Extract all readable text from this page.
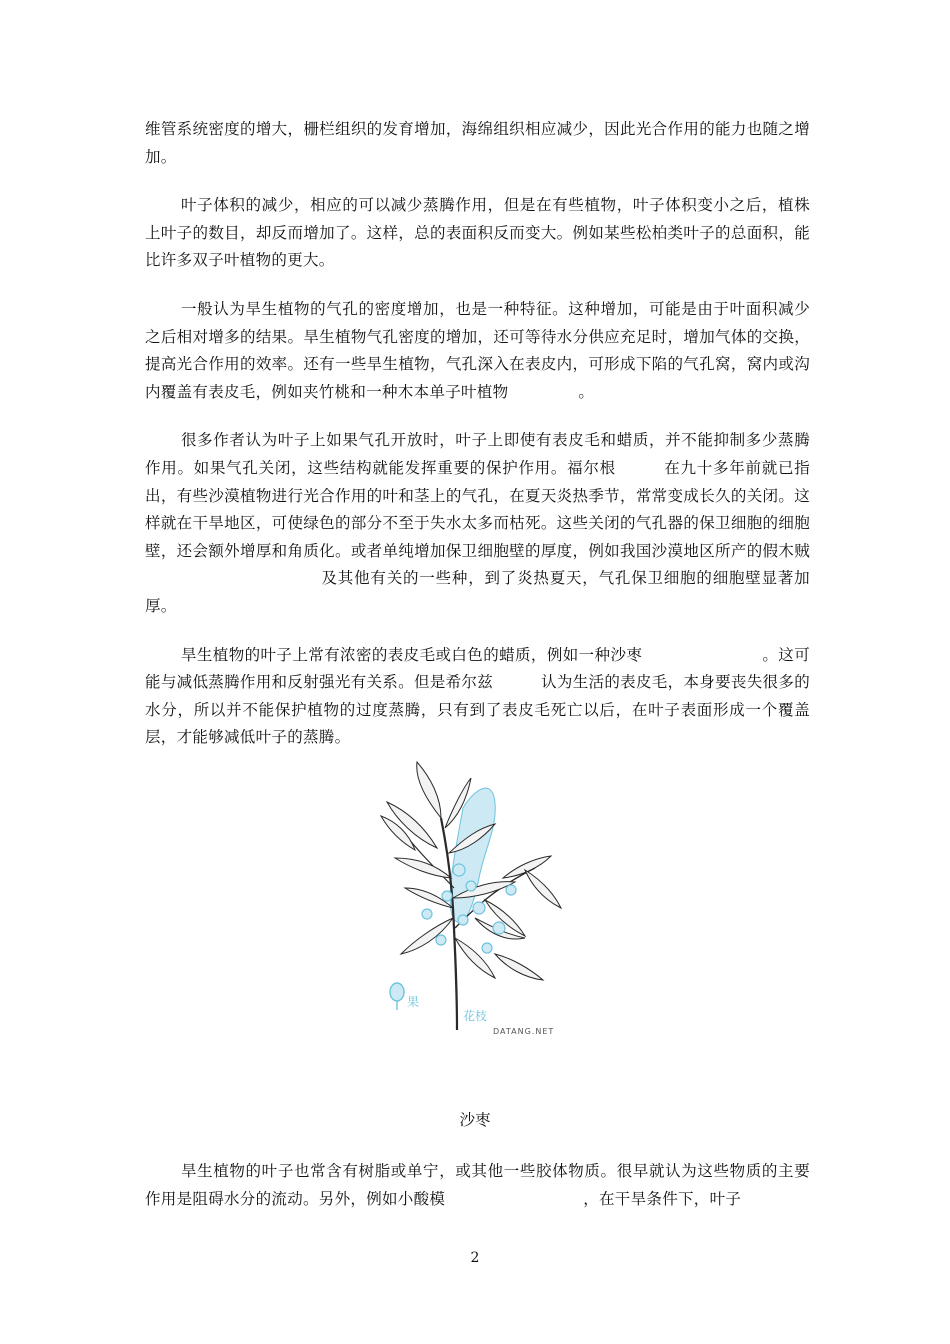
维管系统密度的增大，栅栏组织的发育增加，海绵组织相应减少，因此光合作用的能力也随之增加。

叶子体积的减少，相应的可以减少蒸腾作用，但是在有些植物，叶子体积变小之后，植株上叶子的数目，却反而增加了。这样，总的表面积反而变大。例如某些松柏类叶子的总面积，能比许多双子叶植物的更大。

一般认为旱生植物的气孔的密度增加，也是一种特征。这种增加，可能是由于叶面积减少之后相对增多的结果。旱生植物气孔密度的增加，还可等待水分供应充足时，增加气体的交换，提高光合作用的效率。还有一些旱生植物，气孔深入在表皮内，可形成下陷的气孔窝，窝内或沟内覆盖有表皮毛，例如夹竹桃和一种木本单子叶植物	。

很多作者认为叶子上如果气孔开放时，叶子上即使有表皮毛和蜡质，并不能抑制多少蒸腾作用。如果气孔关闭，这些结构就能发挥重要的保护作用。福尔根	在九十多年前就已指出，有些沙漠植物进行光合作用的叶和茎上的气孔，在夏天炎热季节，常常变成长久的关闭。这样就在干旱地区，可使绿色的部分不至于失水太多而枯死。这些关闭的气孔器的保卫细胞的细胞壁，还会额外增厚和角质化。或者单纯增加保卫细胞壁的厚度，例如我国沙漠地区所产的假木贼及其他有关的一些种，到了炎热夏天，气孔保卫细胞的细胞壁显著加厚。

旱生植物的叶子上常有浓密的表皮毛或白色的蜡质，例如一种沙枣	。这可能与减低蒸腾作用和反射强光有关系。但是希尔兹	认为生活的表皮毛，本身要丧失很多的水分，所以并不能保护植物的过度蒸腾，只有到了表皮毛死亡以后，在叶子表面形成一个覆盖层，才能够减低叶子的蒸腾。

果
花枝
DATANG.NET
沙枣

旱生植物的叶子也常含有树脂或单宁，或其他一些胶体物质。很早就认为这些物质的主要作用是阻碍水分的流动。另外，例如小酸模	，在干旱条件下，叶子

2
